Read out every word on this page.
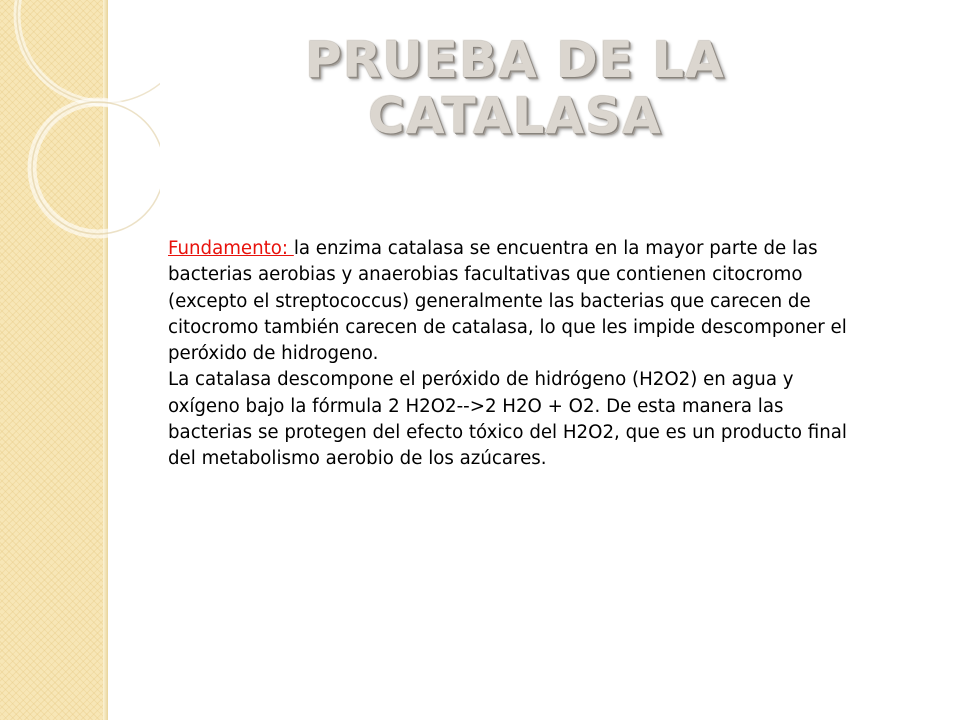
PRUEBA DE LA
CATALASA

Fundamento: la enzima catalasa se encuentra en la mayor parte de las bacterias aerobias y anaerobias facultativas que contienen citocromo (excepto el streptococcus) generalmente las bacterias que carecen de citocromo también carecen de catalasa, lo que les impide descomponer el peróxido de hidrogeno.

La catalasa descompone el peróxido de hidrógeno (H2O2) en agua y oxígeno bajo la fórmula 2 H2O2-->2 H2O + O2. De esta manera las bacterias se protegen del efecto tóxico del H2O2, que es un producto final del metabolismo aerobio de los azúcares.
